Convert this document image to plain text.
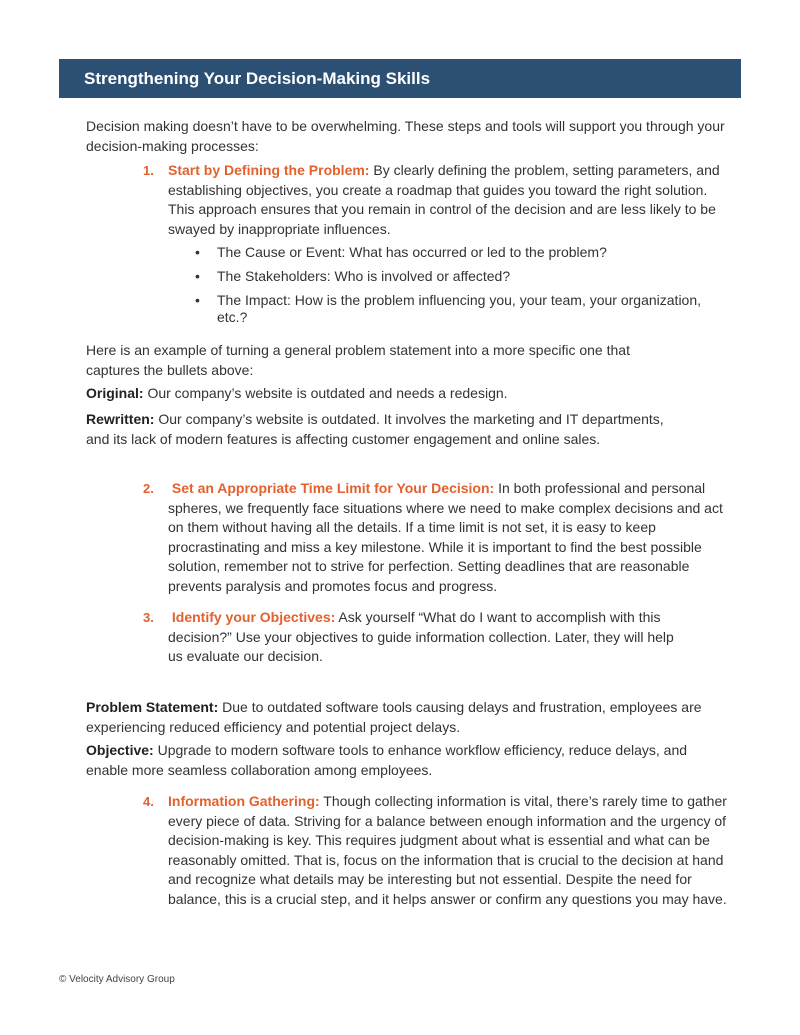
Strengthening Your Decision-Making Skills

Decision making doesn’t have to be overwhelming. These steps and tools will support you through your decision-making processes:

1. Start by Defining the Problem: By clearly defining the problem, setting parameters, and establishing objectives, you create a roadmap that guides you toward the right solution. This approach ensures that you remain in control of the decision and are less likely to be swayed by inappropriate influences.
• The Cause or Event: What has occurred or led to the problem?
• The Stakeholders: Who is involved or affected?
• The Impact: How is the problem influencing you, your team, your organization, etc.?

Here is an example of turning a general problem statement into a more specific one that captures the bullets above:

Original: Our company’s website is outdated and needs a redesign.

Rewritten: Our company’s website is outdated. It involves the marketing and IT departments, and its lack of modern features is affecting customer engagement and online sales.

2. Set an Appropriate Time Limit for Your Decision: In both professional and personal spheres, we frequently face situations where we need to make complex decisions and act on them without having all the details. If a time limit is not set, it is easy to keep procrastinating and miss a key milestone. While it is important to find the best possible solution, remember not to strive for perfection. Setting deadlines that are reasonable prevents paralysis and promotes focus and progress.
3. Identify your Objectives: Ask yourself “What do I want to accomplish with this decision?” Use your objectives to guide information collection. Later, they will help us evaluate our decision.

Problem Statement: Due to outdated software tools causing delays and frustration, employees are experiencing reduced efficiency and potential project delays.

Objective: Upgrade to modern software tools to enhance workflow efficiency, reduce delays, and enable more seamless collaboration among employees.

4. Information Gathering: Though collecting information is vital, there’s rarely time to gather every piece of data. Striving for a balance between enough information and the urgency of decision-making is key. This requires judgment about what is essential and what can be reasonably omitted. That is, focus on the information that is crucial to the decision at hand and recognize what details may be interesting but not essential. Despite the need for balance, this is a crucial step, and it helps answer or confirm any questions you may have.
© Velocity Advisory Group
